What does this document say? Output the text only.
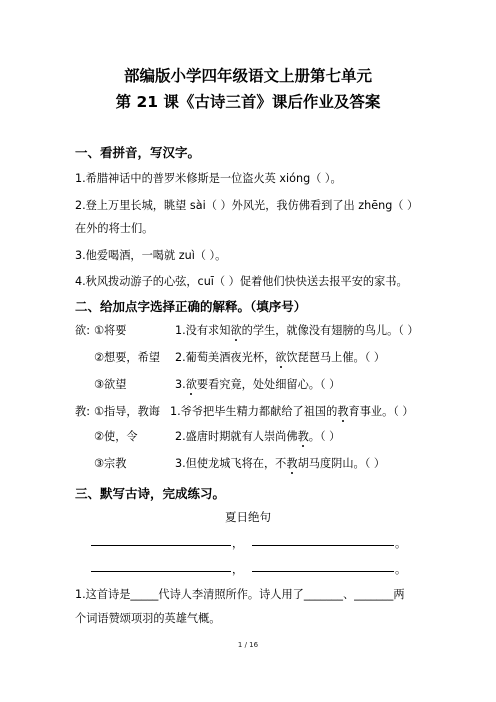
部编版小学四年级语文上册第七单元
第 21 课《古诗三首》课后作业及答案
一、看拼音，写汉字。
1.希腊神话中的普罗米修斯是一位盗火英 xióng（ ）。
2.登上万里长城，眺望 sài（ ）外风光，我仿佛看到了出 zhēng（ ）
在外的将士们。
3.他爱喝酒，一喝就 zuì（ ）。
4.秋风拨动游子的心弦，cuī（ ）促着他们快快送去报平安的家书。
二、给加点字选择正确的解释。（填序号）
欲: ①将要	1.没有求知欲的学生，就像没有翅膀的鸟儿。（ ）
②想要，希望 2.葡萄美酒夜光杯，欲饮琵琶马上催。（ ）
③欲望	3.欲要看究竟，处处细留心。（ ）
教: ①指导，教诲 1.爷爷把毕生精力都献给了祖国的教育事业。（ ）
②使，令	2.盛唐时期就有人崇尚佛教。（ ）
③宗教	3.但使龙城飞将在，不教胡马度阴山。（ ）
三、默写古诗，完成练习。
夏日绝句
，	。
，	。
1.这首诗是_____代诗人李清照所作。诗人用了_______、_______两
个词语赞颂项羽的英雄气概。
1 / 16
